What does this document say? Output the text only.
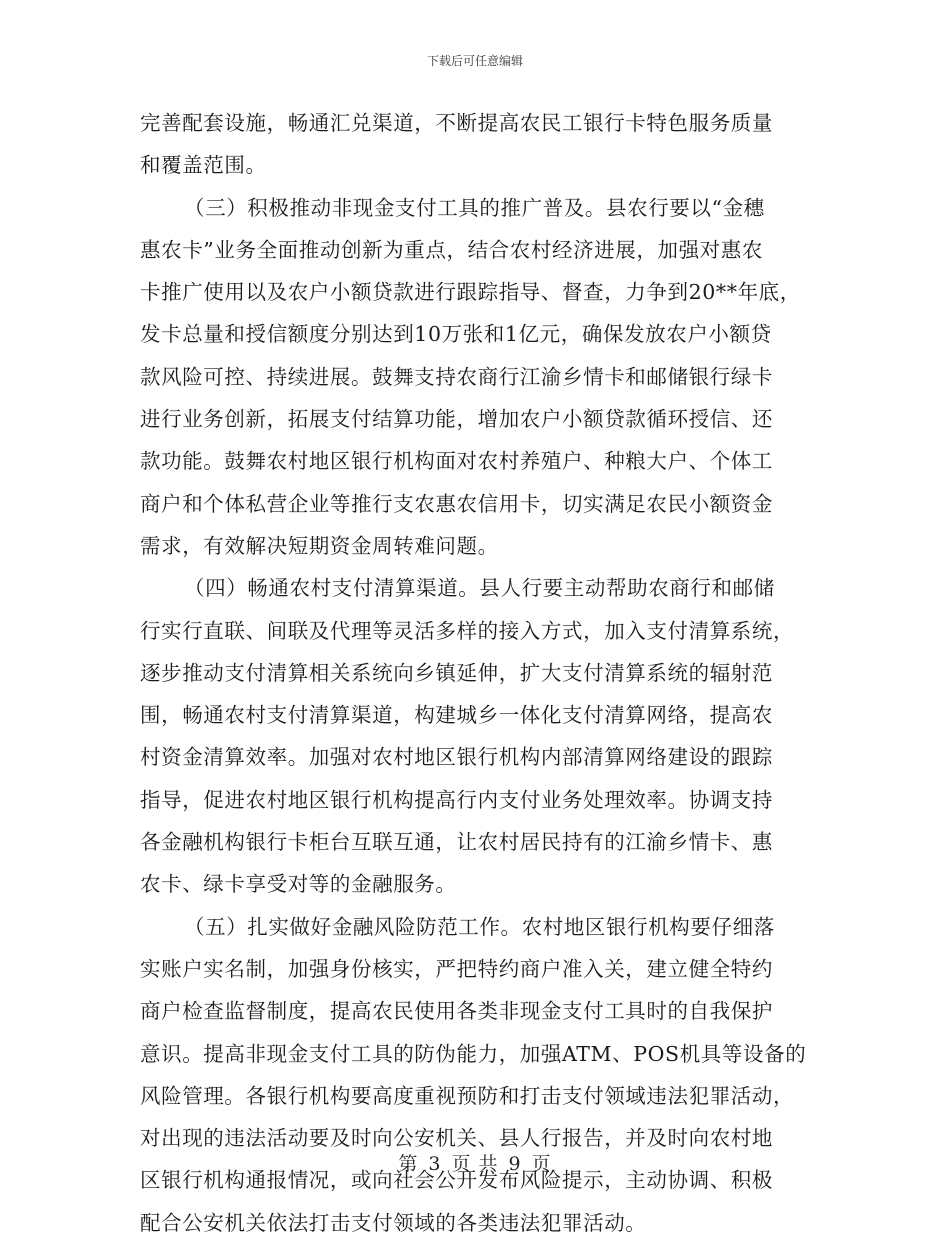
下载后可任意编辑

完善配套设施，畅通汇兑渠道，不断提高农民工银行卡特色服务质量
和覆盖范围。

（三）积极推动非现金支付工具的推广普及。县农行要以“金穗
惠农卡”业务全面推动创新为重点，结合农村经济进展，加强对惠农
卡推广使用以及农户小额贷款进行跟踪指导、督查，力争到20**年底，
发卡总量和授信额度分别达到10万张和1亿元，确保发放农户小额贷
款风险可控、持续进展。鼓舞支持农商行江渝乡情卡和邮储银行绿卡
进行业务创新，拓展支付结算功能，增加农户小额贷款循环授信、还
款功能。鼓舞农村地区银行机构面对农村养殖户、种粮大户、个体工
商户和个体私营企业等推行支农惠农信用卡，切实满足农民小额资金
需求，有效解决短期资金周转难问题。

（四）畅通农村支付清算渠道。县人行要主动帮助农商行和邮储
行实行直联、间联及代理等灵活多样的接入方式，加入支付清算系统，
逐步推动支付清算相关系统向乡镇延伸，扩大支付清算系统的辐射范
围，畅通农村支付清算渠道，构建城乡一体化支付清算网络，提高农
村资金清算效率。加强对农村地区银行机构内部清算网络建设的跟踪
指导，促进农村地区银行机构提高行内支付业务处理效率。协调支持
各金融机构银行卡柜台互联互通，让农村居民持有的江渝乡情卡、惠
农卡、绿卡享受对等的金融服务。

（五）扎实做好金融风险防范工作。农村地区银行机构要仔细落
实账户实名制，加强身份核实，严把特约商户准入关，建立健全特约
商户检查监督制度，提高农民使用各类非现金支付工具时的自我保护
意识。提高非现金支付工具的防伪能力，加强ATM、POS机具等设备的
风险管理。各银行机构要高度重视预防和打击支付领域违法犯罪活动，
对出现的违法活动要及时向公安机关、县人行报告，并及时向农村地
区银行机构通报情况，或向社会公开发布风险提示，主动协调、积极
配合公安机关依法打击支付领域的各类违法犯罪活动。

第 3 页 共 9 页
